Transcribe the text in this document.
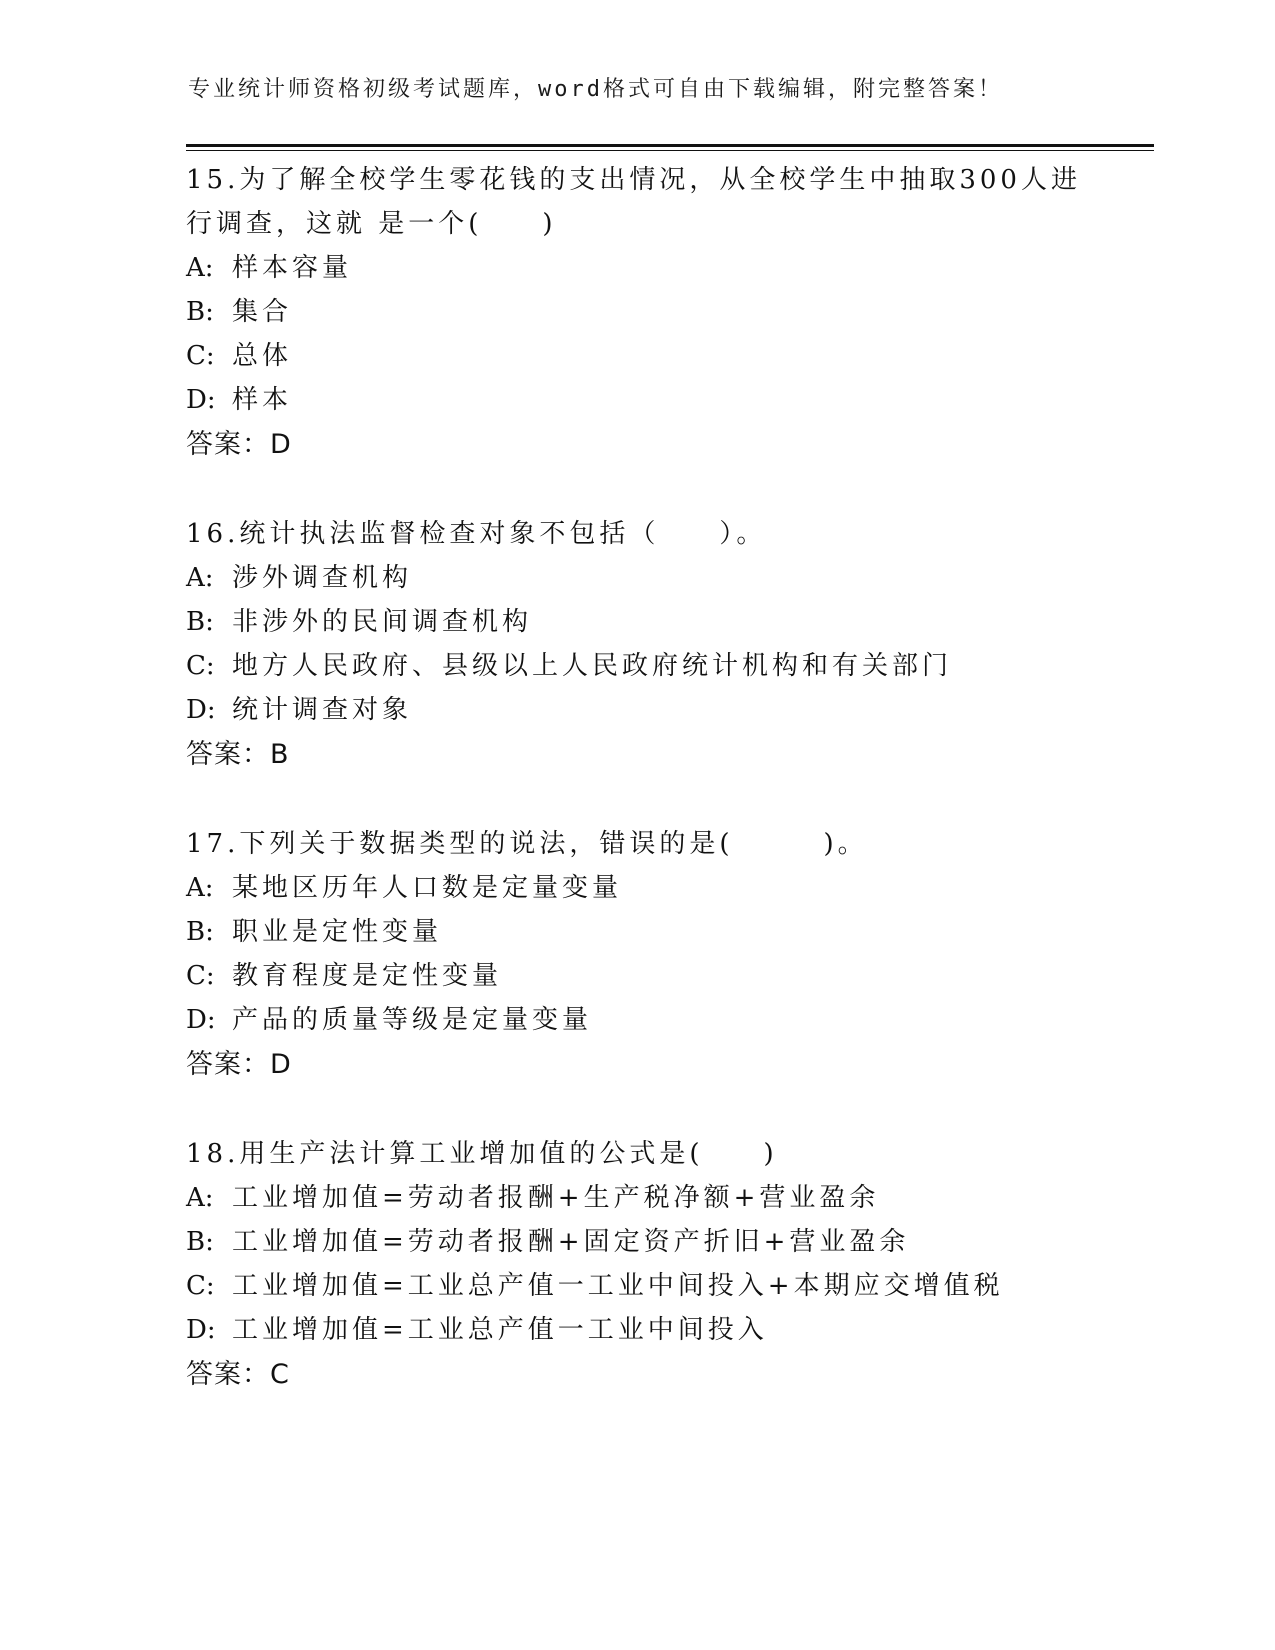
专业统计师资格初级考试题库，word格式可自由下载编辑，附完整答案！
15.为了解全校学生零花钱的支出情况，从全校学生中抽取300人进行调查，这就 是一个(　　)
A: 样本容量
B: 集合
C: 总体
D: 样本
答案：D
16.统计执法监督检查对象不包括（　　）。
A: 涉外调查机构
B: 非涉外的民间调查机构
C: 地方人民政府、县级以上人民政府统计机构和有关部门
D: 统计调查对象
答案：B
17.下列关于数据类型的说法，错误的是(　　　)。
A: 某地区历年人口数是定量变量
B: 职业是定性变量
C: 教育程度是定性变量
D: 产品的质量等级是定量变量
答案：D
18.用生产法计算工业增加值的公式是(　　)
A: 工业增加值=劳动者报酬+生产税净额+营业盈余
B: 工业增加值=劳动者报酬+固定资产折旧+营业盈余
C: 工业增加值=工业总产值一工业中间投入+本期应交增值税
D: 工业增加值=工业总产值一工业中间投入
答案：C
